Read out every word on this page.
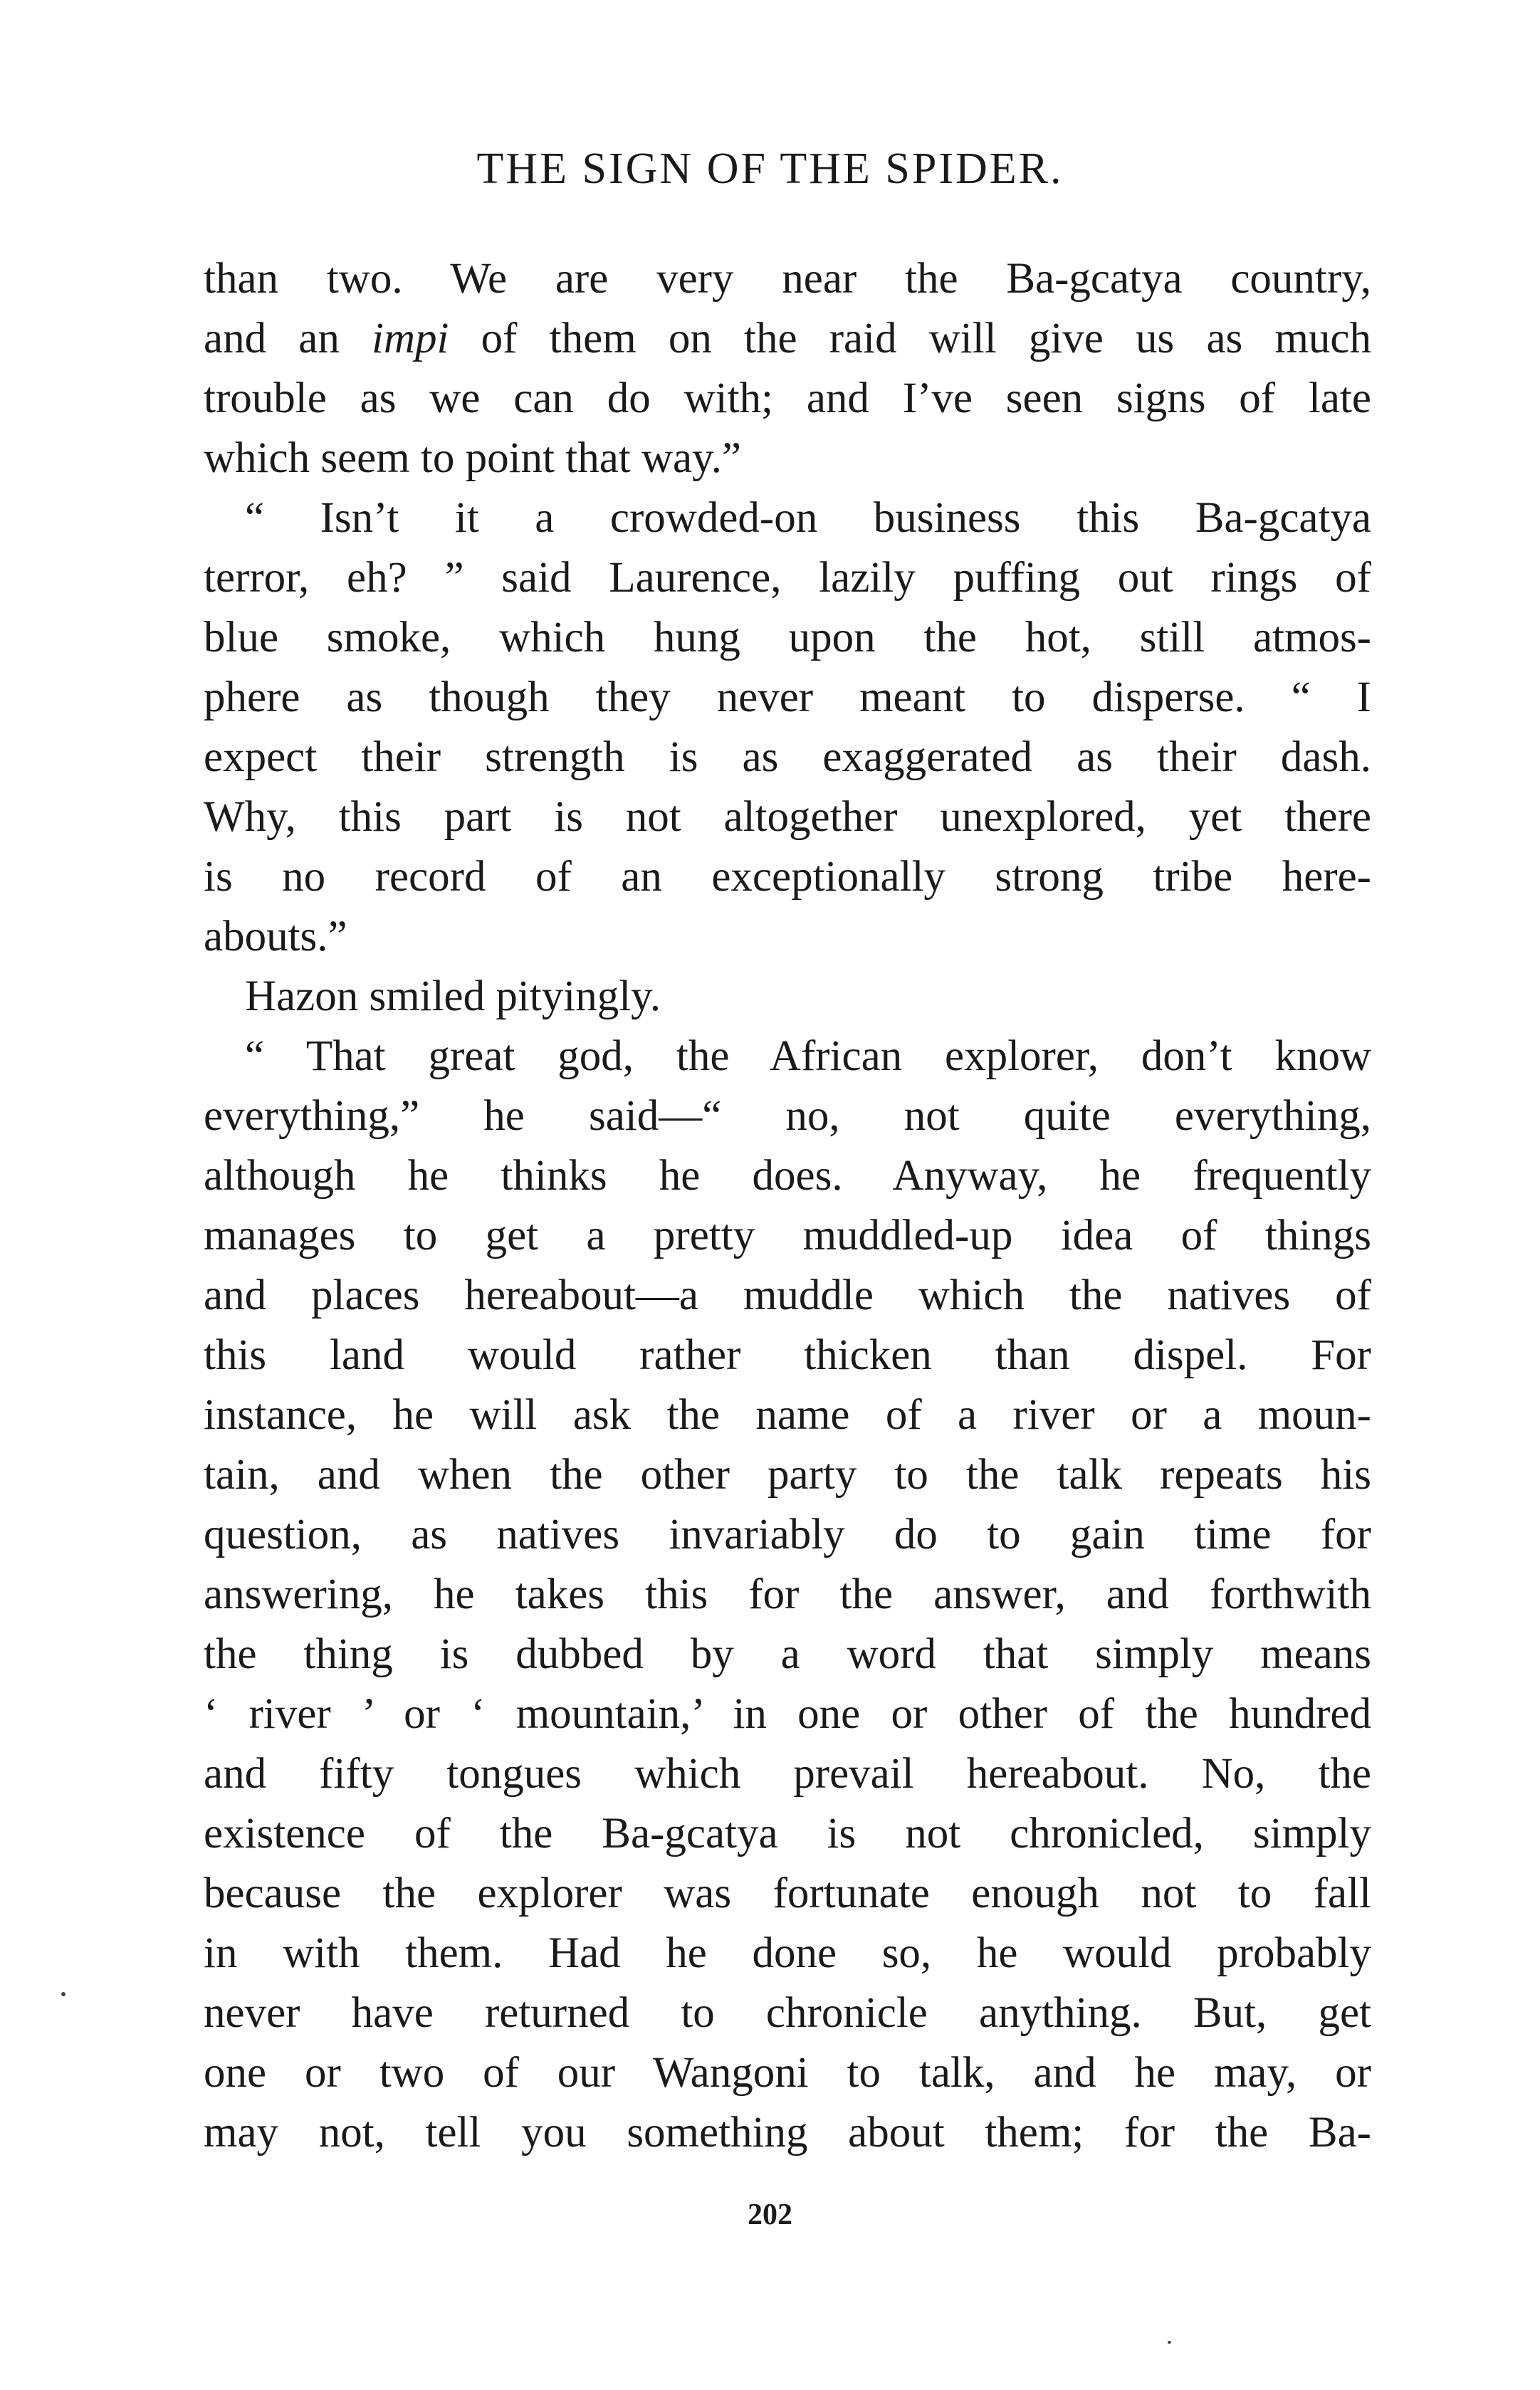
THE SIGN OF THE SPIDER.
than two. We are very near the Ba-gcatya country,
and an impi of them on the raid will give us as much
trouble as we can do with; and I’ve seen signs of late
which seem to point that way.”
“ Isn’t it a crowded-on business this Ba-gcatya
terror, eh? ” said Laurence, lazily puffing out rings of
blue smoke, which hung upon the hot, still atmos-
phere as though they never meant to disperse. “ I
expect their strength is as exaggerated as their dash.
Why, this part is not altogether unexplored, yet there
is no record of an exceptionally strong tribe here-
abouts.”
Hazon smiled pityingly.
“ That great god, the African explorer, don’t know
everything,” he said—“ no, not quite everything,
although he thinks he does. Anyway, he frequently
manages to get a pretty muddled-up idea of things
and places hereabout—a muddle which the natives of
this land would rather thicken than dispel. For
instance, he will ask the name of a river or a moun-
tain, and when the other party to the talk repeats his
question, as natives invariably do to gain time for
answering, he takes this for the answer, and forthwith
the thing is dubbed by a word that simply means
‘ river ’ or ‘ mountain,’ in one or other of the hundred
and fifty tongues which prevail hereabout. No, the
existence of the Ba-gcatya is not chronicled, simply
because the explorer was fortunate enough not to fall
in with them. Had he done so, he would probably
never have returned to chronicle anything. But, get
one or two of our Wangoni to talk, and he may, or
may not, tell you something about them; for the Ba-
202
